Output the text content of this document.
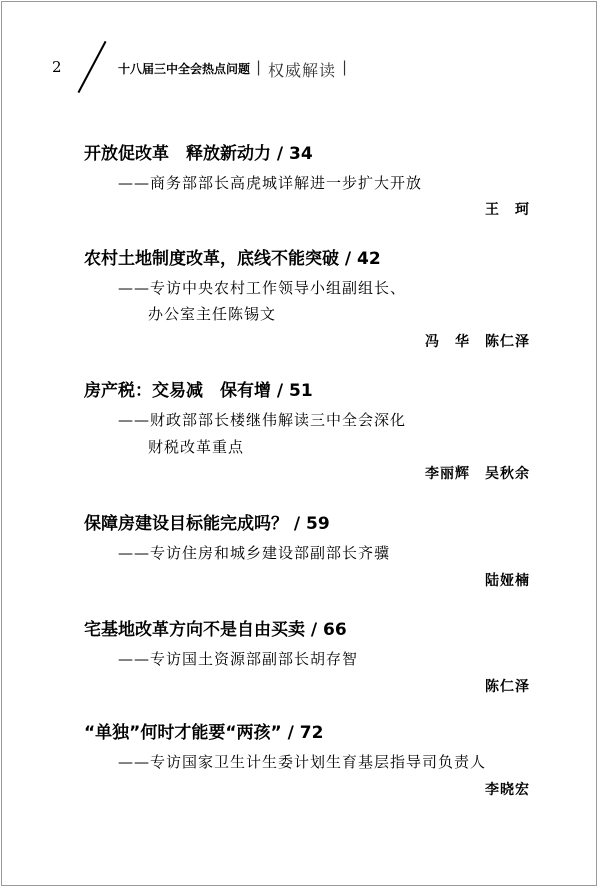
2	十八届三中全会热点问题 | 权威解读 |
开放促改革　释放新动力 / 34
——商务部部长高虎城详解进一步扩大开放
王　珂
农村土地制度改革，底线不能突破 / 42
——专访中央农村工作领导小组副组长、
办公室主任陈锡文
冯　华　陈仁泽
房产税：交易减　保有增 / 51
——财政部部长楼继伟解读三中全会深化
财税改革重点
李丽辉　吴秋余
保障房建设目标能完成吗？ / 59
——专访住房和城乡建设部副部长齐骥
陆娅楠
宅基地改革方向不是自由买卖 / 66
——专访国土资源部副部长胡存智
陈仁泽
“单独”何时才能要“两孩” / 72
——专访国家卫生计生委计划生育基层指导司负责人
李晓宏
